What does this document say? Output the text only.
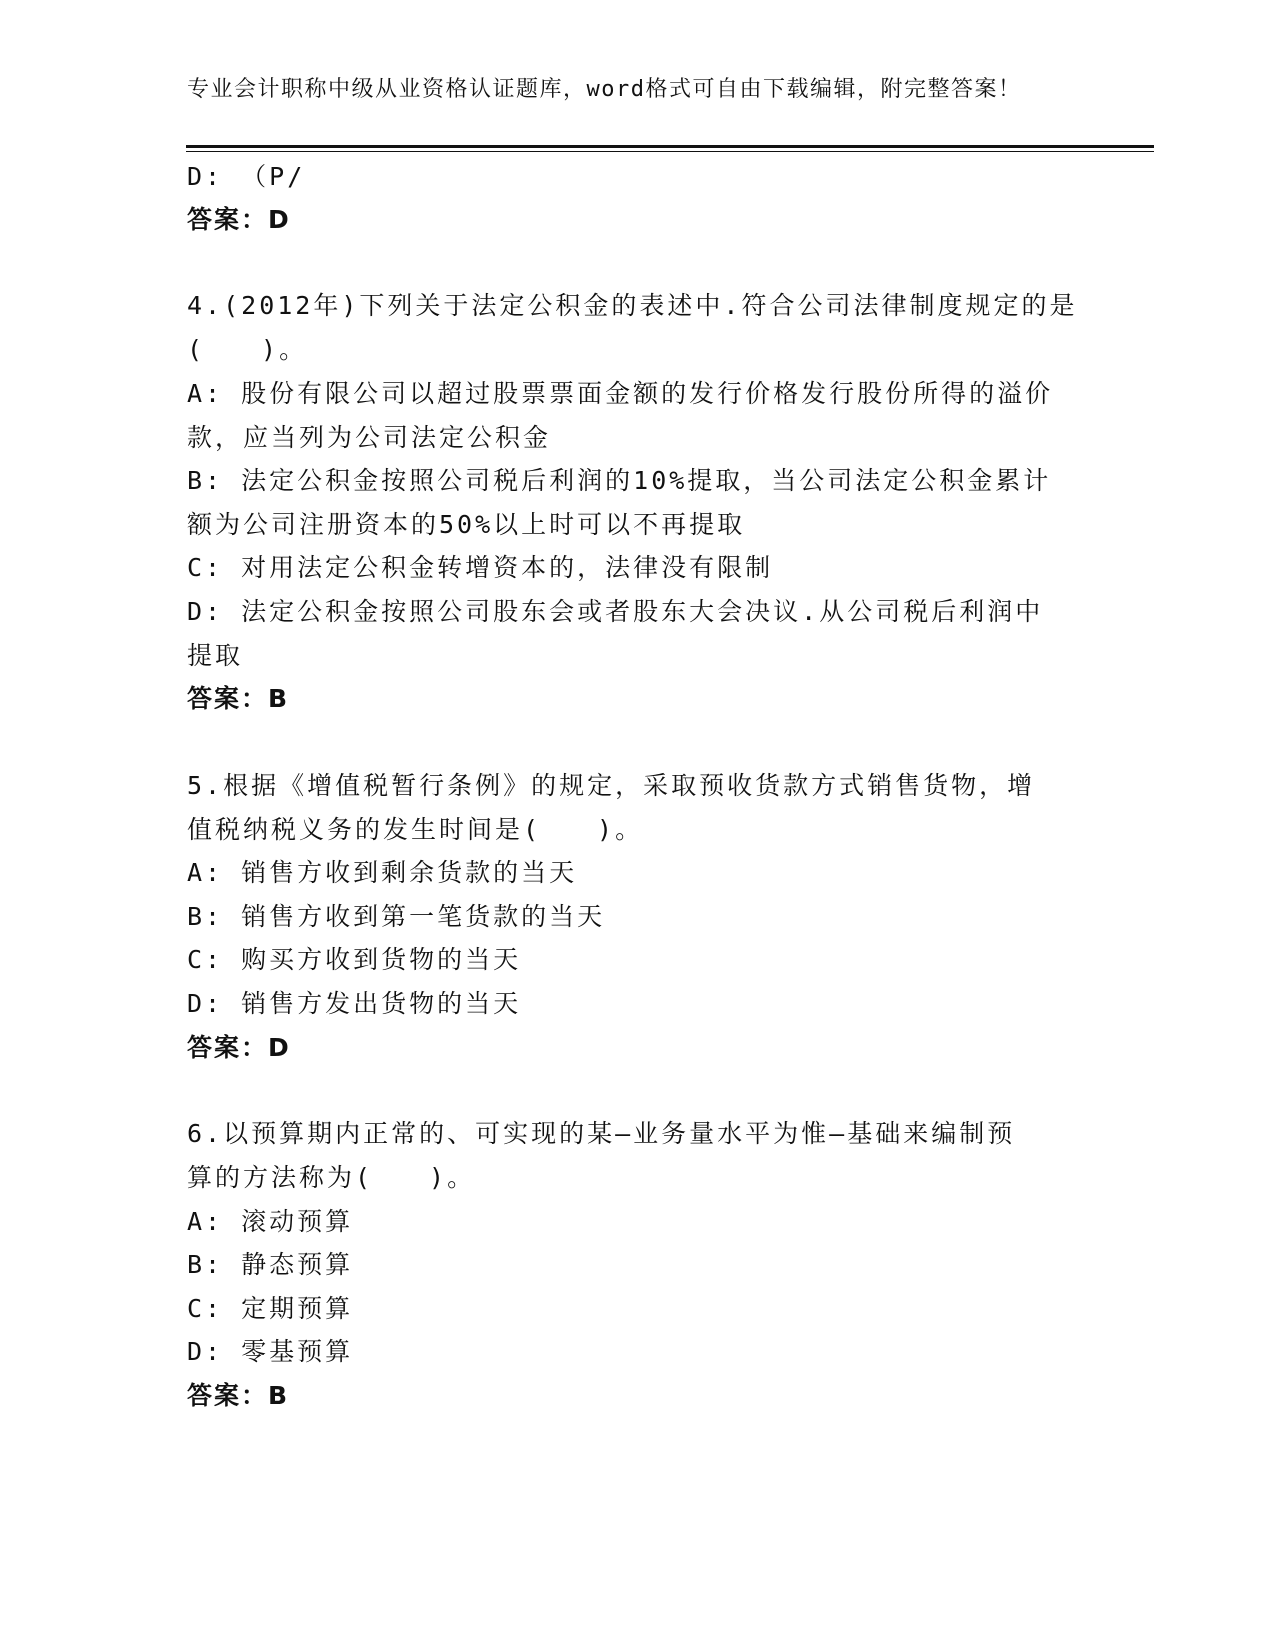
专业会计职称中级从业资格认证题库，word格式可自由下载编辑，附完整答案！
D: （P/
答案：D
4.(2012年)下列关于法定公积金的表述中.符合公司法律制度规定的是
(　　)。
A: 股份有限公司以超过股票票面金额的发行价格发行股份所得的溢价
款，应当列为公司法定公积金
B: 法定公积金按照公司税后利润的10%提取，当公司法定公积金累计
额为公司注册资本的50%以上时可以不再提取
C: 对用法定公积金转增资本的，法律没有限制
D: 法定公积金按照公司股东会或者股东大会决议.从公司税后利润中
提取
答案：B
5.根据《增值税暂行条例》的规定，采取预收货款方式销售货物，增
值税纳税义务的发生时间是(　　)。
A: 销售方收到剩余货款的当天
B: 销售方收到第一笔货款的当天
C: 购买方收到货物的当天
D: 销售方发出货物的当天
答案：D
6.以预算期内正常的、可实现的某—业务量水平为惟—基础来编制预
算的方法称为(　　)。
A: 滚动预算
B: 静态预算
C: 定期预算
D: 零基预算
答案：B
